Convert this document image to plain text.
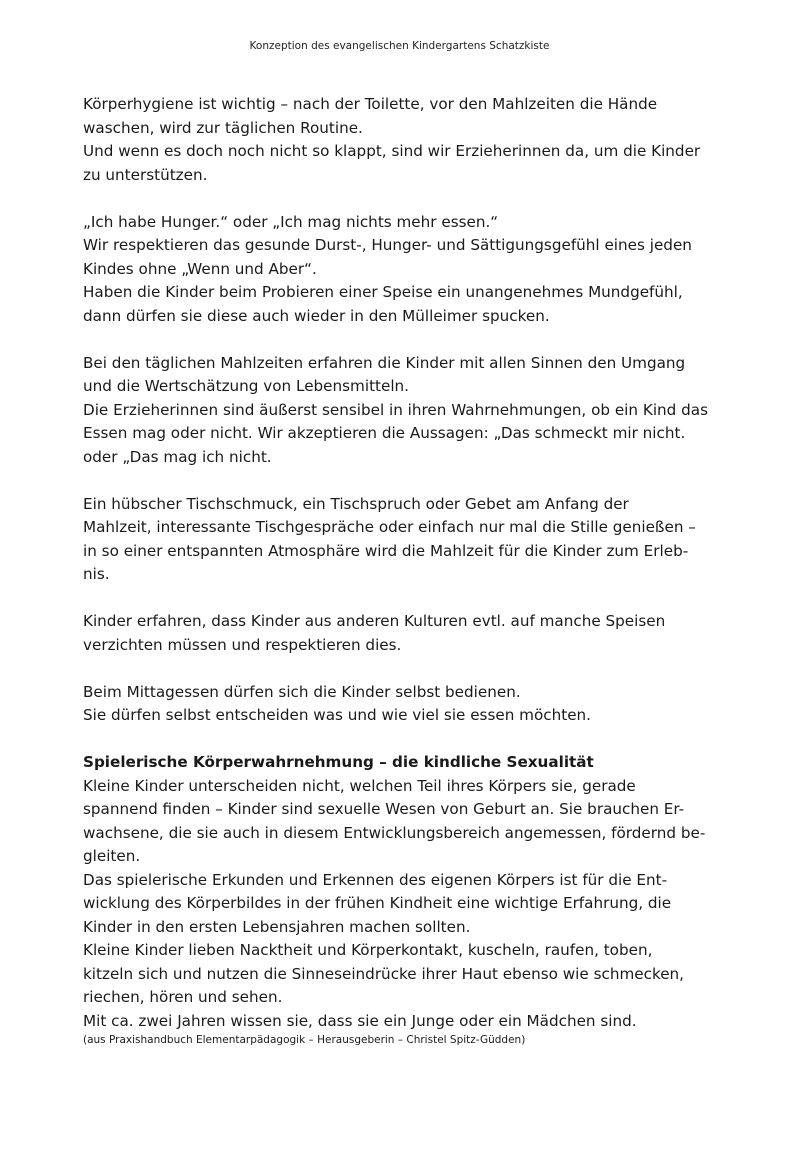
Konzeption des evangelischen Kindergartens Schatzkiste
Körperhygiene ist wichtig – nach der Toilette, vor den Mahlzeiten die Hände
waschen, wird zur täglichen Routine.
Und wenn es doch noch nicht so klappt, sind wir Erzieherinnen da, um die Kinder
zu unterstützen.
„Ich habe Hunger.“ oder „Ich mag nichts mehr essen.“
Wir respektieren das gesunde Durst-, Hunger- und Sättigungsgefühl eines jeden
Kindes ohne „Wenn und Aber“.
Haben die Kinder beim Probieren einer Speise ein unangenehmes Mundgefühl,
dann dürfen sie diese auch wieder in den Mülleimer spucken.
Bei den täglichen Mahlzeiten erfahren die Kinder mit allen Sinnen den Umgang
und die Wertschätzung von Lebensmitteln.
Die Erzieherinnen sind äußerst sensibel in ihren Wahrnehmungen, ob ein Kind das
Essen mag oder nicht. Wir akzeptieren die Aussagen: „Das schmeckt mir nicht.
oder „Das mag ich nicht.
Ein hübscher Tischschmuck, ein Tischspruch oder Gebet am Anfang der
Mahlzeit, interessante Tischgespräche oder einfach nur mal die Stille genießen –
in so einer entspannten Atmosphäre wird die Mahlzeit für die Kinder zum Erleb-
nis.
Kinder erfahren, dass Kinder aus anderen Kulturen evtl. auf manche Speisen
verzichten müssen und respektieren dies.
Beim Mittagessen dürfen sich die Kinder selbst bedienen.
Sie dürfen selbst entscheiden was und wie viel sie essen möchten.
Spielerische Körperwahrnehmung – die kindliche Sexualität
Kleine Kinder unterscheiden nicht, welchen Teil ihres Körpers sie, gerade
spannend finden – Kinder sind sexuelle Wesen von Geburt an. Sie brauchen Er-
wachsene, die sie auch in diesem Entwicklungsbereich angemessen, fördernd be-
gleiten.
Das spielerische Erkunden und Erkennen des eigenen Körpers ist für die Ent-
wicklung des Körperbildes in der frühen Kindheit eine wichtige Erfahrung, die
Kinder in den ersten Lebensjahren machen sollten.
Kleine Kinder lieben Nacktheit und Körperkontakt, kuscheln, raufen, toben,
kitzeln sich und nutzen die Sinneseindrücke ihrer Haut ebenso wie schmecken,
riechen, hören und sehen.
Mit ca. zwei Jahren wissen sie, dass sie ein Junge oder ein Mädchen sind.
(aus Praxishandbuch Elementarpädagogik – Herausgeberin – Christel Spitz-Güdden)
